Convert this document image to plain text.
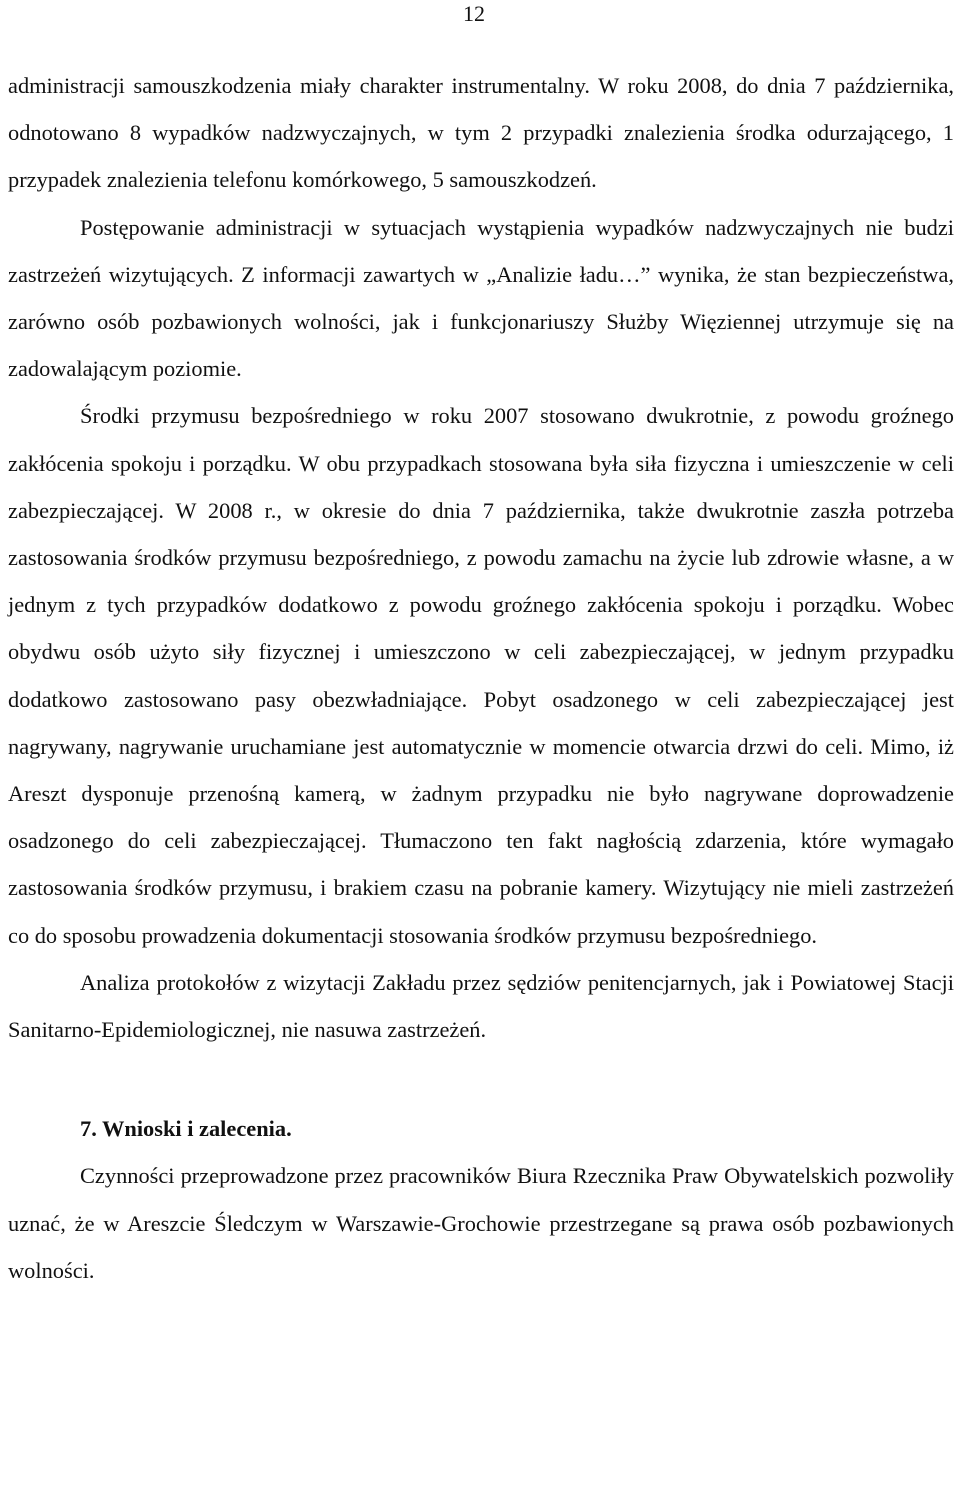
12

administracji samouszkodzenia miały charakter instrumentalny. W roku 2008, do dnia 7 października, odnotowano 8 wypadków nadzwyczajnych, w tym 2 przypadki znalezienia środka odurzającego, 1 przypadek znalezienia telefonu komórkowego, 5 samouszkodzeń.

Postępowanie administracji w sytuacjach wystąpienia wypadków nadzwyczajnych nie budzi zastrzeżeń wizytujących. Z informacji zawartych w „Analizie ładu…” wynika, że stan bezpieczeństwa, zarówno osób pozbawionych wolności, jak i funkcjonariuszy Służby Więziennej utrzymuje się na zadowalającym poziomie.

Środki przymusu bezpośredniego w roku 2007 stosowano dwukrotnie, z powodu groźnego zakłócenia spokoju i porządku. W obu przypadkach stosowana była siła fizyczna i umieszczenie w celi zabezpieczającej. W 2008 r., w okresie do dnia 7 października, także dwukrotnie zaszła potrzeba zastosowania środków przymusu bezpośredniego, z powodu zamachu na życie lub zdrowie własne, a w jednym z tych przypadków dodatkowo z powodu groźnego zakłócenia spokoju i porządku. Wobec obydwu osób użyto siły fizycznej i umieszczono w celi zabezpieczającej, w jednym przypadku dodatkowo zastosowano pasy obezwładniające. Pobyt osadzonego w celi zabezpieczającej jest nagrywany, nagrywanie uruchamiane jest automatycznie w momencie otwarcia drzwi do celi. Mimo, iż Areszt dysponuje przenośną kamerą, w żadnym przypadku nie było nagrywane doprowadzenie osadzonego do celi zabezpieczającej. Tłumaczono ten fakt nagłością zdarzenia, które wymagało zastosowania środków przymusu, i brakiem czasu na pobranie kamery. Wizytujący nie mieli zastrzeżeń co do sposobu prowadzenia dokumentacji stosowania środków przymusu bezpośredniego.

Analiza protokołów z wizytacji Zakładu przez sędziów penitencjarnych, jak i Powiatowej Stacji Sanitarno-Epidemiologicznej, nie nasuwa zastrzeżeń.

7. Wnioski i zalecenia.

Czynności przeprowadzone przez pracowników Biura Rzecznika Praw Obywatelskich pozwoliły uznać, że w Areszcie Śledczym w Warszawie-Grochowie przestrzegane są prawa osób pozbawionych wolności.
